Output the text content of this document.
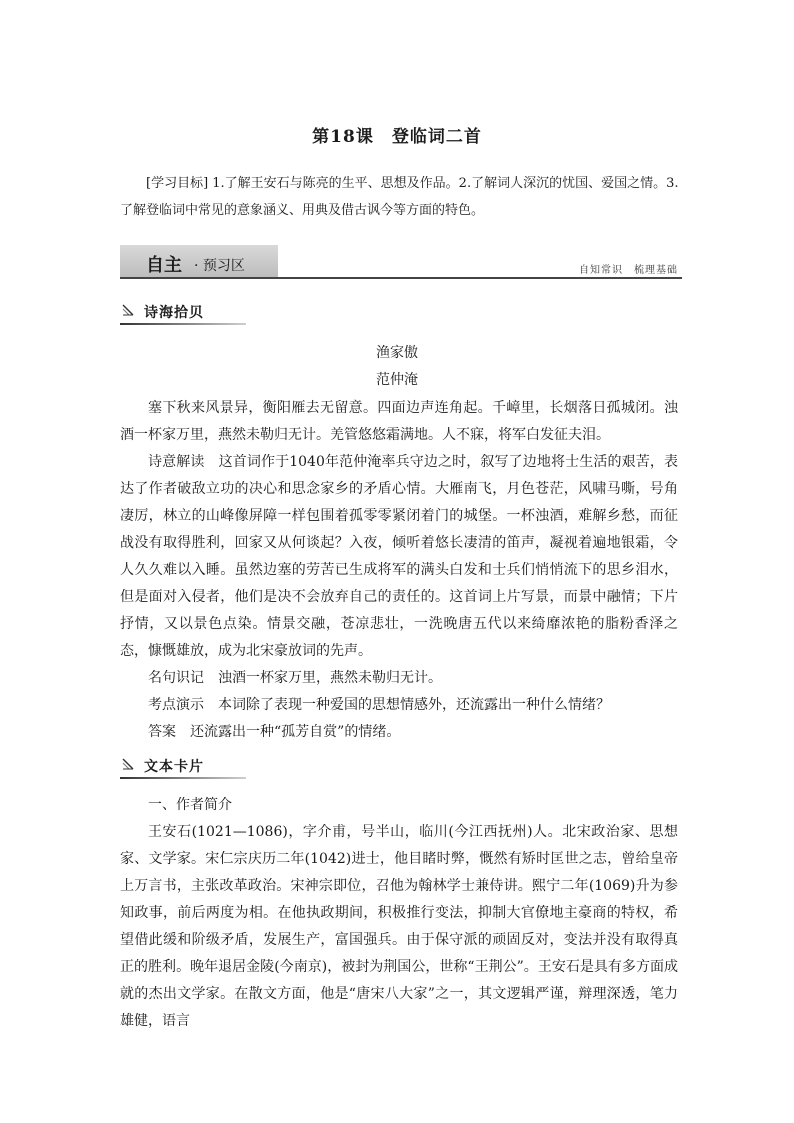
第18课　登临词二首

[学习目标] 1.了解王安石与陈亮的生平、思想及作品。2.了解词人深沉的忧国、爱国之情。3.了解登临词中常见的意象涵义、用典及借古讽今等方面的特色。

自主 · 预习区	自知常识　梳理基础
诗海拾贝
渔家傲
范仲淹

塞下秋来风景异，衡阳雁去无留意。四面边声连角起。千嶂里，长烟落日孤城闭。浊酒一杯家万里，燕然未勒归无计。羌管悠悠霜满地。人不寐，将军白发征夫泪。

诗意解读　这首词作于1040年范仲淹率兵守边之时，叙写了边地将士生活的艰苦，表达了作者破敌立功的决心和思念家乡的矛盾心情。大雁南飞，月色苍茫，风啸马嘶，号角凄厉，林立的山峰像屏障一样包围着孤零零紧闭着门的城堡。一杯浊酒，难解乡愁，而征战没有取得胜利，回家又从何谈起？入夜，倾听着悠长凄清的笛声，凝视着遍地银霜，令人久久难以入睡。虽然边塞的劳苦已生成将军的满头白发和士兵们悄悄流下的思乡泪水，但是面对入侵者，他们是决不会放弃自己的责任的。这首词上片写景，而景中融情；下片抒情，又以景色点染。情景交融，苍凉悲壮，一洗晚唐五代以来绮靡浓艳的脂粉香泽之态，慷慨雄放，成为北宋豪放词的先声。

名句识记　浊酒一杯家万里，燕然未勒归无计。

考点演示　本词除了表现一种爱国的思想情感外，还流露出一种什么情绪？

答案　还流露出一种“孤芳自赏”的情绪。

文本卡片

一、作者简介

王安石(1021—1086)，字介甫，号半山，临川(今江西抚州)人。北宋政治家、思想家、文学家。宋仁宗庆历二年(1042)进士，他目睹时弊，慨然有矫时匡世之志，曾给皇帝上万言书，主张改革政治。宋神宗即位，召他为翰林学士兼侍讲。熙宁二年(1069)升为参知政事，前后两度为相。在他执政期间，积极推行变法，抑制大官僚地主豪商的特权，希望借此缓和阶级矛盾，发展生产，富国强兵。由于保守派的顽固反对，变法并没有取得真正的胜利。晚年退居金陵(今南京)，被封为荆国公，世称“王荆公”。王安石是具有多方面成就的杰出文学家。在散文方面，他是“唐宋八大家”之一，其文逻辑严谨，辩理深透，笔力雄健，语言
